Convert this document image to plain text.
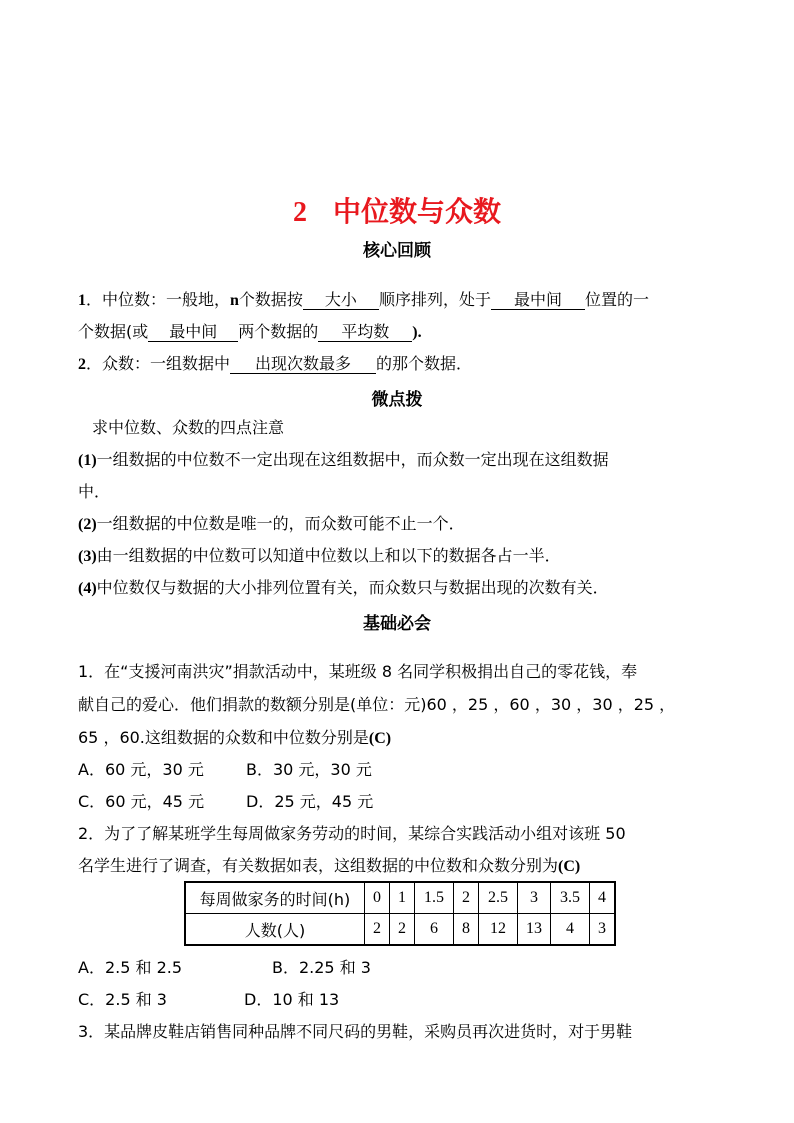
2 中位数与众数
核心回顾
1．中位数：一般地，n个数据按 大小 顺序排列，处于 最中间 位置的一
个数据(或 最中间 两个数据的 平均数 ).
2．众数：一组数据中 出现次数最多 的那个数据．
微点拨
求中位数、众数的四点注意
(1)一组数据的中位数不一定出现在这组数据中，而众数一定出现在这组数据
中．
(2)一组数据的中位数是唯一的，而众数可能不止一个．
(3)由一组数据的中位数可以知道中位数以上和以下的数据各占一半．
(4)中位数仅与数据的大小排列位置有关，而众数只与数据出现的次数有关．
基础必会
1．在“支援河南洪灾”捐款活动中，某班级 8 名同学积极捐出自己的零花钱，奉
献自己的爱心．他们捐款的数额分别是(单位：元)60 ，25 ，60 ，30 ，30 ，25 ，
65 ，60.这组数据的众数和中位数分别是(C)
A．60 元，30 元	B．30 元，30 元
C．60 元，45 元	D．25 元，45 元
2．为了了解某班学生每周做家务劳动的时间，某综合实践活动小组对该班 50
名学生进行了调查，有关数据如表，这组数据的中位数和众数分别为(C)
每周做家务的时间(h)	0	1	1.5	2	2.5	3	3.5	4
人数(人)	2	2	6	8	12	13	4	3
A．2.5 和 2.5	B．2.25 和 3
C．2.5 和 3	D．10 和 13
3．某品牌皮鞋店销售同种品牌不同尺码的男鞋，采购员再次进货时，对于男鞋
